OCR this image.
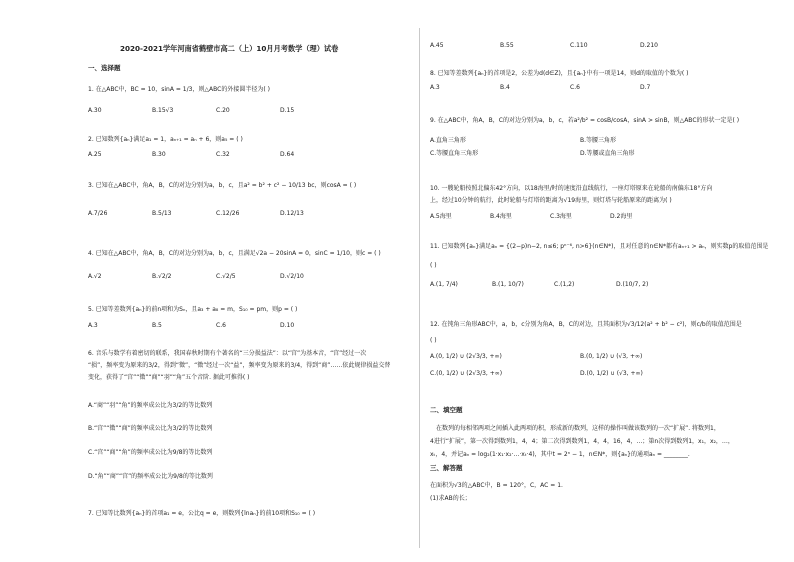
2020-2021学年河南省鹤壁市高二（上）10月月考数学（理）试卷
一、选择题
1. 在△ABC中，BC = 10，sinA = 1/3，则△ABC的外接圆半径为( )
A.30	B.15√3	C.20	D.15
2. 已知数列{aₙ}满足a₁ = 1，aₙ₊₁ = aₙ + 6，则a₅ = ( )
A.25	B.30	C.32	D.64
3. 已知在△ABC中，角A，B，C的对边分别为a，b，c，且a² = b² + c² − 10/13 bc，则cosA = ( )
A.7/26	B.5/13	C.12/26	D.12/13
4. 已知在△ABC中，角A，B，C的对边分别为a，b，c，且满足√2a − 20sinA = 0，sinC = 1/10，则c = ( )
A.√2	B.√2/2	C.√2/5	D.√2/10
5. 已知等差数列{aₙ}的前n项和为Sₙ，且a₃ + a₈ = m，S₁₀ = pm，则p = ( )
A.3	B.5	C.6	D.10
6. 音乐与数学有着密切的联系，我国春秋时期有个著名的“三分损益法”：以“宫”为基本音，“宫”经过一次
“损”，频率变为原来的3/2，得到“徵”，“徵”经过一次“益”，频率变为原来的3/4，得到“商”……依此规律损益交替
变化，获得了“宫”“徵”“商”“羽”“角”五个音阶. 据此可推得( )
A.“商”“羽”“角”的频率成公比为3/2的等比数列
B.“宫”“徵”“商”的频率成公比为3/2的等比数列
C.“宫”“商”“角”的频率成公比为9/8的等比数列
D.“角”“商”“宫”的频率成公比为9/8的等比数列
7. 已知等比数列{aₙ}的首项a₁ = e，公比q = e，则数列{lnaₙ}的前10项和S₁₀ = ( )
A.45	B.55	C.110	D.210
8. 已知等差数列{aₙ}的首项是2，公差为d(d∈Z)，且{aₙ}中有一项是14，则d的取值的个数为( )
A.3	B.4	C.6	D.7
9. 在△ABC中，角A，B，C的对边分别为a，b，c，若a²/b² = cosB/cosA，sinA > sinB，则△ABC的形状一定是( )
A.直角三角形	B.等腰三角形
C.等腰直角三角形	D.等腰或直角三角形
10. 一艘轮船按照北偏东42°方向，以18海里/时的速度沿直线航行，一座灯塔原来在轮船的南偏东18°方向
上，经过10分钟的航行，此时轮船与灯塔的距离为√19海里，则灯塔与轮船原来的距离为( )
A.5海里	B.4海里	C.3海里	D.2海里
11. 已知数列{aₙ}满足aₙ = {(2−p)n−2, n≤6; pⁿ⁻⁶, n>6}(n∈N*)，且对任意的n∈N*都有aₙ₊₁ > aₙ，则实数p的取值范围是
( )
A.(1, 7/4)	B.(1, 10/7)	C.(1,2)	D.(10/7, 2)
12. 在钝角三角形ABC中，a，b，c分别为角A，B，C的对边，且其面积为√3/12(a² + b² − c²)，则c/b的取值范围是
( )
A.(0, 1/2) ∪ (2√3/3, +∞)	B.(0, 1/2) ∪ (√3, +∞)
C.(0, 1/2) ∪ (2√3/3, +∞)	D.(0, 1/2) ∪ (√3, +∞)
二、填空题
在数列的每相邻两项之间插入此两项的积，形成新的数列，这样的操作叫做该数列的一次“扩展”. 将数列1，
4进行“扩展”，第一次得到数列1，4，4；第二次得到数列1，4，4，16，4，…；第n次得到数列1，x₁，x₂，…，
xₜ，4，并记aₙ = log₂(1·x₁·x₂·…·xₜ·4)，其中t = 2ⁿ − 1，n∈N*，则{aₙ}的通项aₙ = ________.
三、解答题
在面积为√3的△ABC中，B = 120°，C，AC = 1.
(1)求AB的长；
